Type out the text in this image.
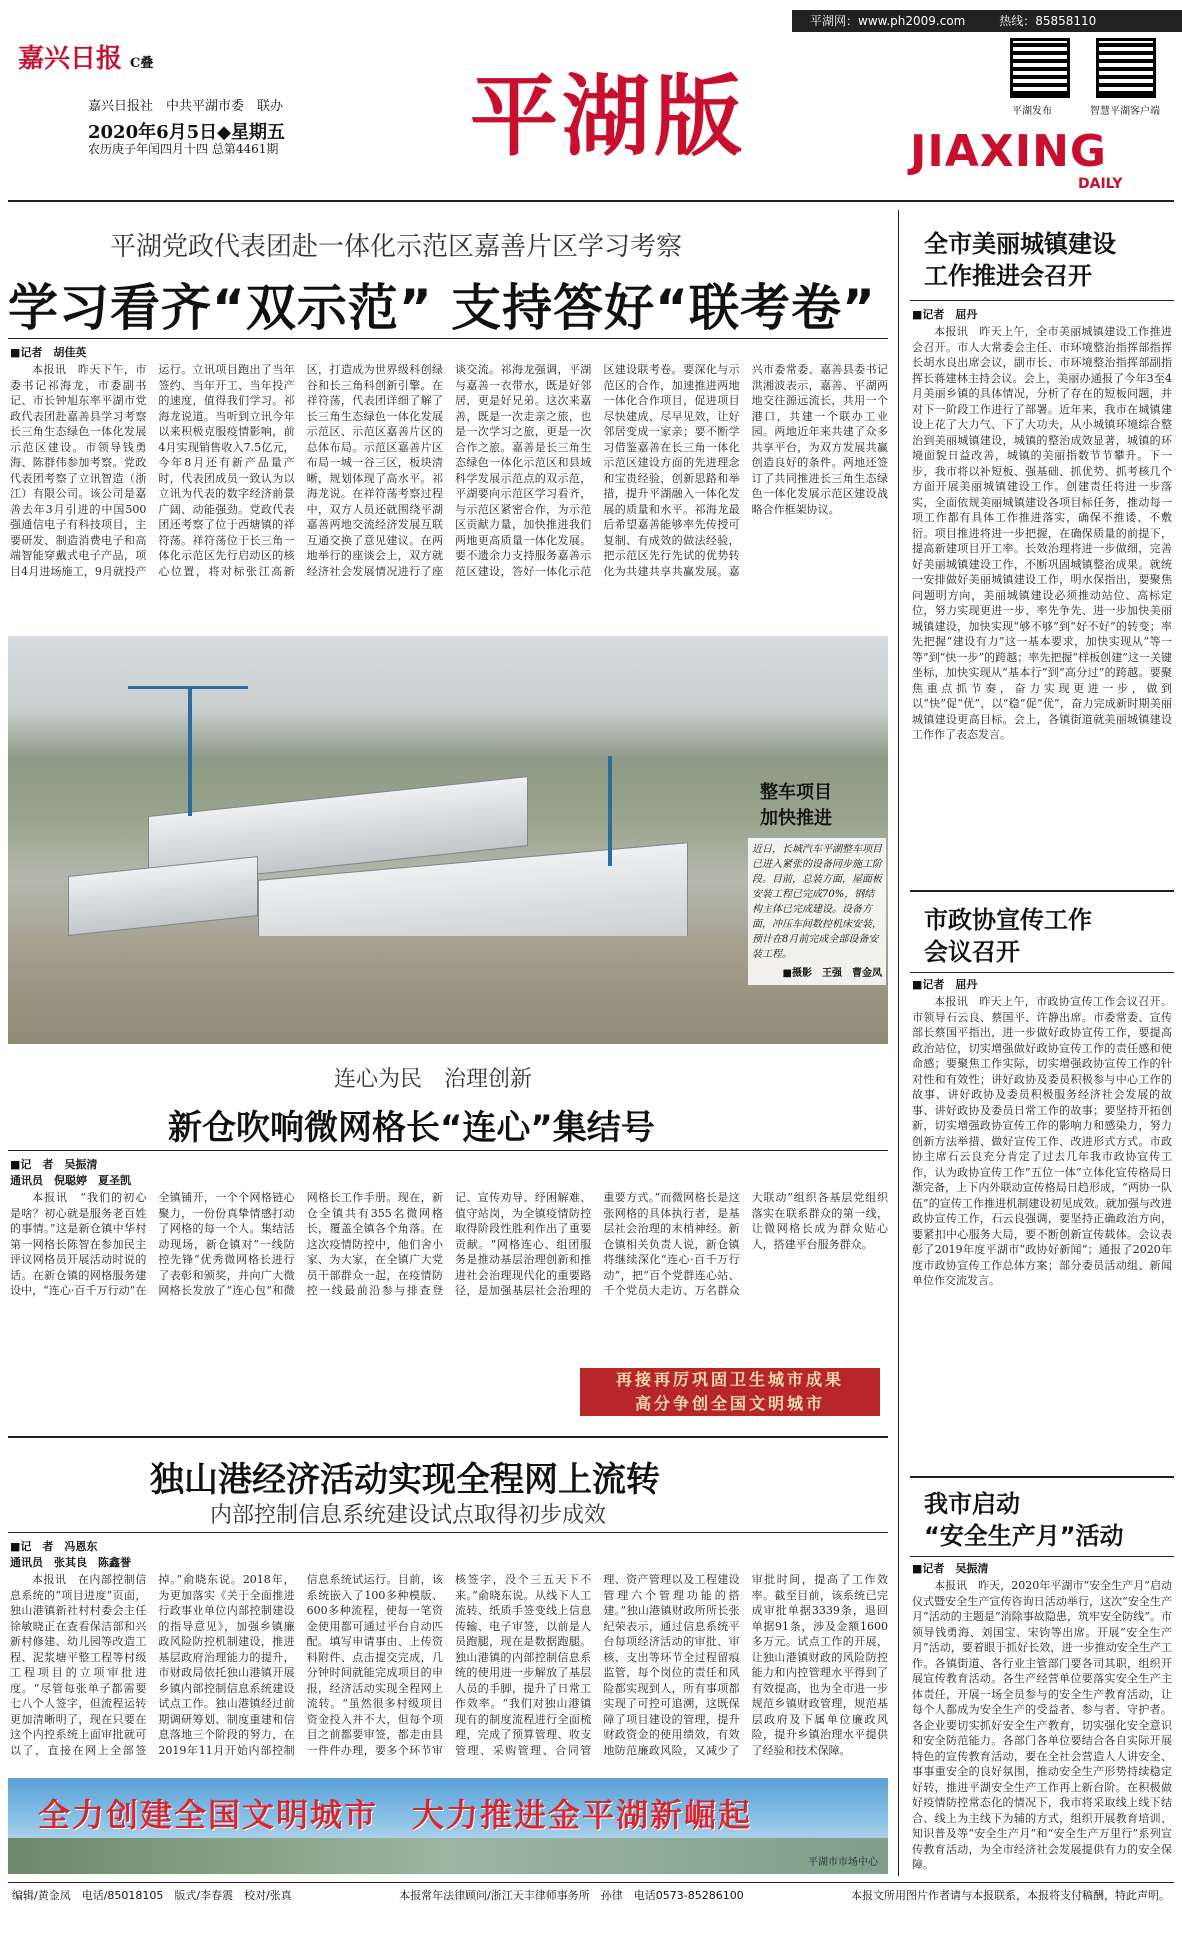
平湖网：www.ph2009.com	热线：85858110
嘉兴日报 C叠
嘉兴日报社　中共平湖市委　联办
2020年6月5日◆星期五
农历庚子年闰四月十四 总第4461期 平湖版	平湖发布	智慧平湖客户端
JIAXING
DAILY
平湖党政代表团赴一体化示范区嘉善片区学习考察
学习看齐“双示范” 支持答好“联考卷”
■记者　胡佳英

本报讯　昨天下午，市委书记祁海龙，市委副书记、市长钟旭东率平湖市党政代表团赴嘉善县学习考察长三角生态绿色一体化发展示范区建设。市领导钱勇海、陈群伟参加考察。党政代表团考察了立讯智造（浙江）有限公司。该公司是嘉善去年3月引进的中国500强通信电子有科技项目，主要研发、制造消费电子和高端智能穿戴式电子产品，项目4月进场施工，9月就投产运行。立讯项目跑出了当年签约、当年开工、当年投产的速度，值得我们学习。祁海龙说道。当听到立讯今年以来积极克服疫情影响，前4月实现销售收入7.5亿元，今年8月还有新产品量产时，代表团成员一致认为以立讯为代表的数字经济前景广阔、动能强劲。党政代表团还考察了位于西塘镇的祥符荡。祥符荡位于长三角一体化示范区先行启动区的核心位置，将对标张江高新区，打造成为世界级科创绿谷和长三角科创新引擎。在祥符荡，代表团详细了解了长三角生态绿色一体化发展示范区、示范区嘉善片区的总体布局。示范区嘉善片区布局一城一谷三区，板块清晰，规划体现了高水平。祁海龙说。在祥符荡考察过程中，双方人员还就围绕平湖嘉善两地交流经济发展互联互通交换了意见建议。在两地举行的座谈会上，双方就经济社会发展情况进行了座谈交流。祁海龙强调，平湖与嘉善一衣带水，既是好邻居，更是好兄弟。这次来嘉善，既是一次走亲之旅，也是一次学习之旅，更是一次合作之旅。嘉善是长三角生态绿色一体化示范区和县域科学发展示范点的双示范，平湖要向示范区学习看齐，与示范区紧密合作，为示范区贡献力量，加快推进我们两地更高质量一体化发展。要不遗余力支持服务嘉善示范区建设，答好一体化示范区建设联考卷。要深化与示范区的合作，加速推进两地一体化合作项目，促进项目尽快建成、尽早见效，让好邻居变成一家亲；要不断学习借鉴嘉善在长三角一体化示范区建设方面的先进理念和宝贵经验，创新思路和举措，提升平湖融入一体化发展的质量和水平。祁海龙最后希望嘉善能够率先传授可复制、有成效的做法经验，把示范区先行先试的优势转化为共建共享共赢发展。嘉兴市委常委、嘉善县委书记洪湘波表示，嘉善、平湖两地交往源远流长，共用一个港口，共建一个联办工业园。两地近年来共建了众多共享平台，为双方发展共赢创造良好的条件。两地还签订了共同推进长三角生态绿色一体化发展示范区建设战略合作框架协议。

整车项目
加快推进
近日，长城汽车平湖整车项目已进入紧张的设备同步施工阶段。目前，总装方面，屋面板安装工程已完成70%，钢结构主体已完成建设。设备方面，冲压车间数控机床安装，预计在8月前完成全部设备安装工程。
■摄影　王强　曹金凤
连心为民　治理创新
新仓吹响微网格长“连心”集结号
■记　者　吴振清
通讯员　倪聪婷　夏圣凯

本报讯　“我们的初心是啥？初心就是服务老百姓的事情。”这是新仓镇中华村第一网格长陈智在参加民主评议网格员开展活动时说的话。在新仓镇的网格服务建设中，“连心·百千万行动”在全镇铺开，一个个网格链心聚力，一份份真挚情感打动了网格的每一个人。集结活动现场，新仓镇对“一线防控先锋”优秀微网格长进行了表彰和颁奖，并向广大微网格长发放了“连心包”和微网格长工作手册。现在，新仓全镇共有355名微网格长，覆盖全镇各个角落。在这次疫情防控中，他们舍小家、为大家，在全镇广大党员干部群众一起，在疫情防控一线最前沿参与排查登记、宣传劝导、纾困解难、值守站岗，为全镇疫情防控取得阶段性胜利作出了重要贡献。“网格连心、组团服务是推动基层治理创新和推进社会治理现代化的重要路径，是加强基层社会治理的重要方式。”而微网格长是这张网格的具体执行者，是基层社会治理的末梢神经。新仓镇相关负责人说，新仓镇将继续深化“连心·百千万行动”，把“百个党群连心站、千个党员大走访、万名群众大联动”组织各基层党组织落实在联系群众的第一线，让微网格长成为群众贴心人，搭建平台服务群众。

再接再厉巩固卫生城市成果
高分争创全国文明城市
独山港经济活动实现全程网上流转
内部控制信息系统建设试点取得初步成效
■记　者　冯恩东
通讯员　张其良　陈鑫誉

本报讯　在内部控制信息系统的“项目进度”页面，独山港镇新社村村委会主任徐敏晓正在查看保洁部和兴新村修建、幼儿园等改造工程、泥浆塘平整工程等村级工程项目的立项审批进度。“尽管每张单子都需要七八个人签字，但流程运转更加清晰明了，现在只要在这个内控系统上面审批就可以了，直接在网上全部签掉。”俞晓东说。2018年，为更加落实《关于全面推进行政事业单位内部控制建设的指导意见》，加强乡镇廉政风险防控机制建设，推进基层政府治理能力的提升，市财政局依托独山港镇开展乡镇内部控制信息系统建设试点工作。独山港镇经过前期调研筹划、制度重建和信息落地三个阶段的努力，在2019年11月开始内部控制信息系统试运行。目前，该系统嵌入了100多种模版、600多种流程，使每一笔资金使用都可通过平台自动匹配。填写申请事由、上传资料附件、点击提交完成，几分钟时间就能完成项目的申报，经济活动实现全程网上流转。“虽然很多村级项目资金投入并不大，但每个项目之前都要审签，都走由县一件件办理，要多个环节审核签字，没个三五天下不来。”俞晓东说。从线下人工流转、纸质手签变线上信息传输、电子审签，以前是人员跑腿，现在是数据跑腿。独山港镇的内部控制信息系统的使用进一步解放了基层人员的手脚，提升了日常工作效率。“我们对独山港镇现有的制度流程进行全面梳理，完成了预算管理、收支管理、采购管理、合同管理、资产管理以及工程建设管理六个管理功能的搭建。”独山港镇财政所所长张纪荣表示，通过信息系统平台每项经济活动的审批、审核、支出等环节全过程留痕监管，每个岗位的责任和风险都实现到人，所有事项都实现了可控可追溯，这既保障了项目建设的管理，提升财政资金的使用绩效，有效地防范廉政风险，又减少了审批时间，提高了工作效率。截至目前，该系统已完成审批单据3339条，退回单据91条，涉及金额1600多万元。试点工作的开展，让独山港镇财政的风险防控能力和内控管理水平得到了有效提高，也为全市进一步规范乡镇财政管理，规范基层政府及下属单位廉政风险，提升乡镇治理水平提供了经验和技术保障。

全力创建全国文明城市　大力推进金平湖新崛起
平湖市市场中心
全市美丽城镇建设
工作推进会召开
■记者　屈丹

本报讯　昨天上午，全市美丽城镇建设工作推进会召开。市人大常委会主任、市环境整治指挥部指挥长胡水良出席会议，副市长、市环境整治指挥部副指挥长蒋建林主持会议。会上，美丽办通报了今年3至4月美丽乡镇的具体情况，分析了存在的短板问题，并对下一阶段工作进行了部署。近年来，我市在城镇建设上花了大力气、下了大功夫，从小城镇环境综合整治到美丽城镇建设，城镇的整治成效显著，城镇的环境面貌日益改善，城镇的美丽指数节节攀升。下一步，我市将以补短板、强基础、抓优势、抓考核几个方面开展美丽城镇建设工作。创建责任将进一步落实，全面依规美丽城镇建设各项目标任务，推动每一项工作都有具体工作推进落实，确保不推诿、不敷衍。项目推进将进一步把握，在确保质量的前提下，提高新建项目开工率。长效治理将进一步做细，完善好美丽城镇建设工作，不断巩固城镇整治成果。就统一安排做好美丽城镇建设工作，明水保指出，要聚焦问题明方向，美丽城镇建设必须推动站位、高标定位，努力实现更进一步、率先争先、进一步加快美丽城镇建设，加快实现“够不够”到“好不好”的转变；率先把握“建设有力”这一基本要求，加快实现从“等一等”到“快一步”的跨越；率先把握“样板创建”这一关键坐标，加快实现从“基本行”到“高分过”的跨越。要聚焦重点抓节奏，奋力实现更进一步，做到以“快”促“优”，以“稳”促“优”，奋力完成新时期美丽城镇建设更高目标。会上，各镇街道就美丽城镇建设工作作了表态发言。

市政协宣传工作
会议召开
■记者　屈丹

本报讯　昨天上午，市政协宣传工作会议召开。市领导石云良、蔡国平、许静出席。市委常委、宣传部长蔡国平指出，进一步做好政协宣传工作，要提高政治站位，切实增强做好政协宣传工作的责任感和使命感；要聚焦工作实际，切实增强政协宣传工作的针对性和有效性；讲好政协及委员积极参与中心工作的故事、讲好政协及委员积极服务经济社会发展的故事、讲好政协及委员日常工作的故事；要坚持开拓创新，切实增强政协宣传工作的影响力和感染力，努力创新方法举措、做好宣传工作、改进形式方式。市政协主席石云良充分肯定了过去几年我市政协宣传工作，认为政协宣传工作“五位一体”立体化宣传格局日渐完备，上下内外联动宣传格局日趋形成，“两协一队伍”的宣传工作推进机制建设初见成效。就加强与改进政协宣传工作，石云良强调，要坚持正确政治方向，要紧扣中心服务大局，要不断创新宣传载体。会议表彰了2019年度平湖市“政协好新闻”；通报了2020年度市政协宣传工作总体方案；部分委员活动组、新闻单位作交流发言。

我市启动
“安全生产月”活动
■记者　吴振清

本报讯　昨天，2020年平湖市“安全生产月”启动仪式暨安全生产宣传咨询日活动举行，这次“安全生产月”活动的主题是“消除事故隐患，筑牢安全防线”。市领导钱勇海、刘国宝、宋钧等出席。开展“安全生产月”活动，要着眼于抓好长效，进一步推动安全生产工作。各镇街道、各行业主管部门要各司其职，组织开展宣传教育活动。各生产经营单位要落实安全生产主体责任，开展一场全员参与的安全生产教育活动，让每个人都成为安全生产的受益者、参与者、守护者。各企业要切实抓好安全生产教育，切实强化安全意识和安全防范能力。各部门各单位要结合各自实际开展特色的宣传教育活动，要在全社会营造人人讲安全、事事重安全的良好氛围，推动安全生产形势持续稳定好转，推进平湖安全生产工作再上新台阶。在积极做好疫情防控常态化的情况下，我市将采取线上线下结合、线上为主线下为辅的方式，组织开展教育培训、知识普及等“安全生产月”和“安全生产万里行”系列宣传教育活动，为全市经济社会发展提供有力的安全保障。

编辑/黄金凤　电话/85018105　版式/李春震　校对/张真	本报常年法律顾问/浙江天丰律师事务所　孙律　电话0573-85286100	本报文所用图片作者请与本报联系，本报将支付稿酬，特此声明。
